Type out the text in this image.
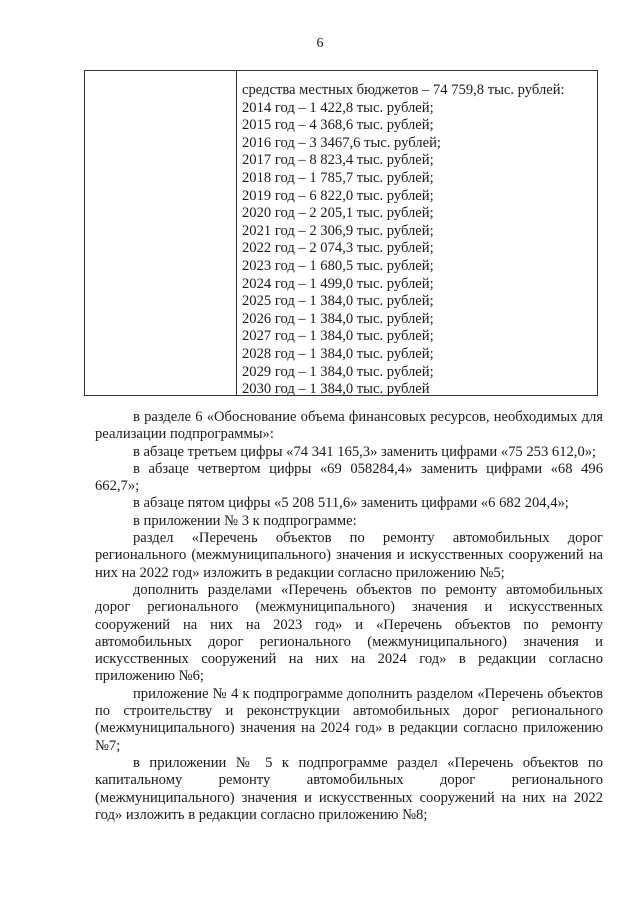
6
средства местных бюджетов – 74 759,8 тыс. рублей:
2014 год – 1 422,8 тыс. рублей;
2015 год – 4 368,6 тыс. рублей;
2016 год – 3 3467,6 тыс. рублей;
2017 год – 8 823,4 тыс. рублей;
2018 год – 1 785,7 тыс. рублей;
2019 год – 6 822,0 тыс. рублей;
2020 год – 2 205,1 тыс. рублей;
2021 год – 2 306,9 тыс. рублей;
2022 год – 2 074,3 тыс. рублей;
2023 год – 1 680,5 тыс. рублей;
2024 год – 1 499,0 тыс. рублей;
2025 год – 1 384,0 тыс. рублей;
2026 год – 1 384,0 тыс. рублей;
2027 год – 1 384,0 тыс. рублей;
2028 год – 1 384,0 тыс. рублей;
2029 год – 1 384,0 тыс. рублей;
2030 год – 1 384,0 тыс. рублей

в разделе 6 «Обоснование объема финансовых ресурсов, необходимых для реализации подпрограммы»:

в абзаце третьем цифры «74 341 165,3» заменить цифрами «75 253 612,0»;

в абзаце четвертом цифры «69 058284,4» заменить цифрами «68 496 662,7»;

в абзаце пятом цифры «5 208 511,6» заменить цифрами «6 682 204,4»;

в приложении № 3 к подпрограмме:

раздел «Перечень объектов по ремонту автомобильных дорог регионального (межмуниципального) значения и искусственных сооружений на них на 2022 год» изложить в редакции согласно приложению №5;

дополнить разделами «Перечень объектов по ремонту автомобильных дорог регионального (межмуниципального) значения и искусственных сооружений на них на 2023 год» и «Перечень объектов по ремонту автомобильных дорог регионального (межмуниципального) значения и искусственных сооружений на них на 2024 год» в редакции согласно приложению №6;

приложение № 4 к подпрограмме дополнить разделом «Перечень объектов по строительству и реконструкции автомобильных дорог регионального (межмуниципального) значения на 2024 год» в редакции согласно приложению №7;

в приложении № 5 к подпрограмме раздел «Перечень объектов по капитальному ремонту автомобильных дорог регионального (межмуниципального) значения и искусственных сооружений на них на 2022 год» изложить в редакции согласно приложению №8;
